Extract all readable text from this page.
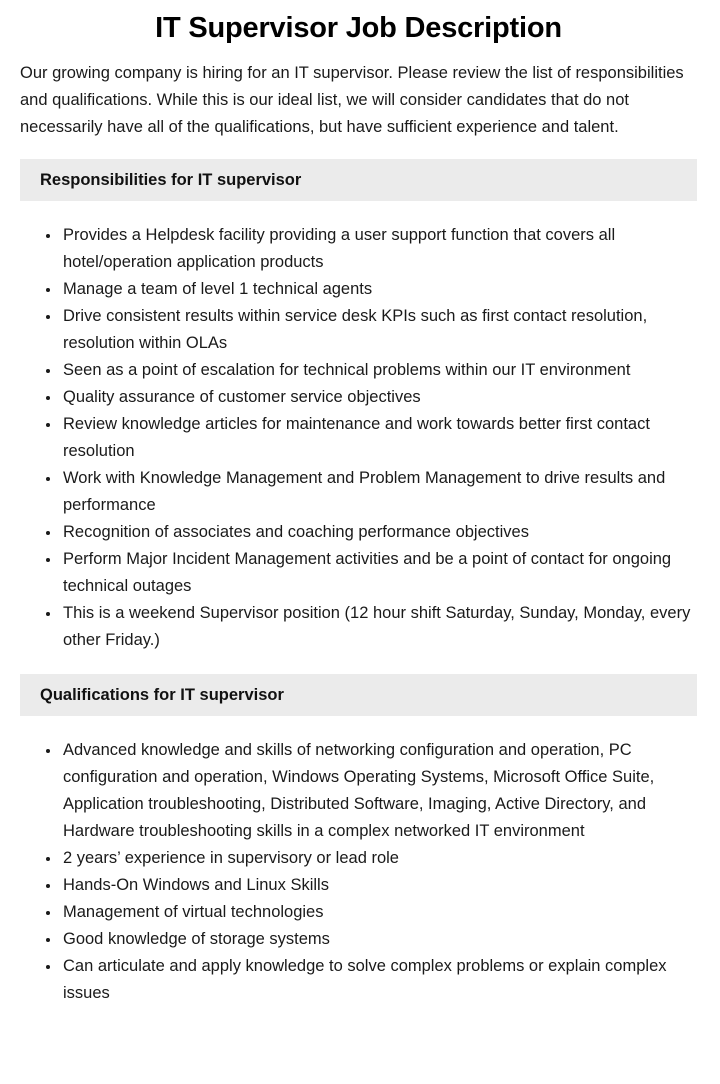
IT Supervisor Job Description

Our growing company is hiring for an IT supervisor. Please review the list of responsibilities and qualifications. While this is our ideal list, we will consider candidates that do not necessarily have all of the qualifications, but have sufficient experience and talent.

Responsibilities for IT supervisor
• Provides a Helpdesk facility providing a user support function that covers all hotel/operation application products
• Manage a team of level 1 technical agents
• Drive consistent results within service desk KPIs such as first contact resolution, resolution within OLAs
• Seen as a point of escalation for technical problems within our IT environment
• Quality assurance of customer service objectives
• Review knowledge articles for maintenance and work towards better first contact resolution
• Work with Knowledge Management and Problem Management to drive results and performance
• Recognition of associates and coaching performance objectives
• Perform Major Incident Management activities and be a point of contact for ongoing technical outages
• This is a weekend Supervisor position (12 hour shift Saturday, Sunday, Monday, every other Friday.)
Qualifications for IT supervisor
• Advanced knowledge and skills of networking configuration and operation, PC configuration and operation, Windows Operating Systems, Microsoft Office Suite, Application troubleshooting, Distributed Software, Imaging, Active Directory, and Hardware troubleshooting skills in a complex networked IT environment
• 2 years’ experience in supervisory or lead role
• Hands-On Windows and Linux Skills
• Management of virtual technologies
• Good knowledge of storage systems
• Can articulate and apply knowledge to solve complex problems or explain complex issues
